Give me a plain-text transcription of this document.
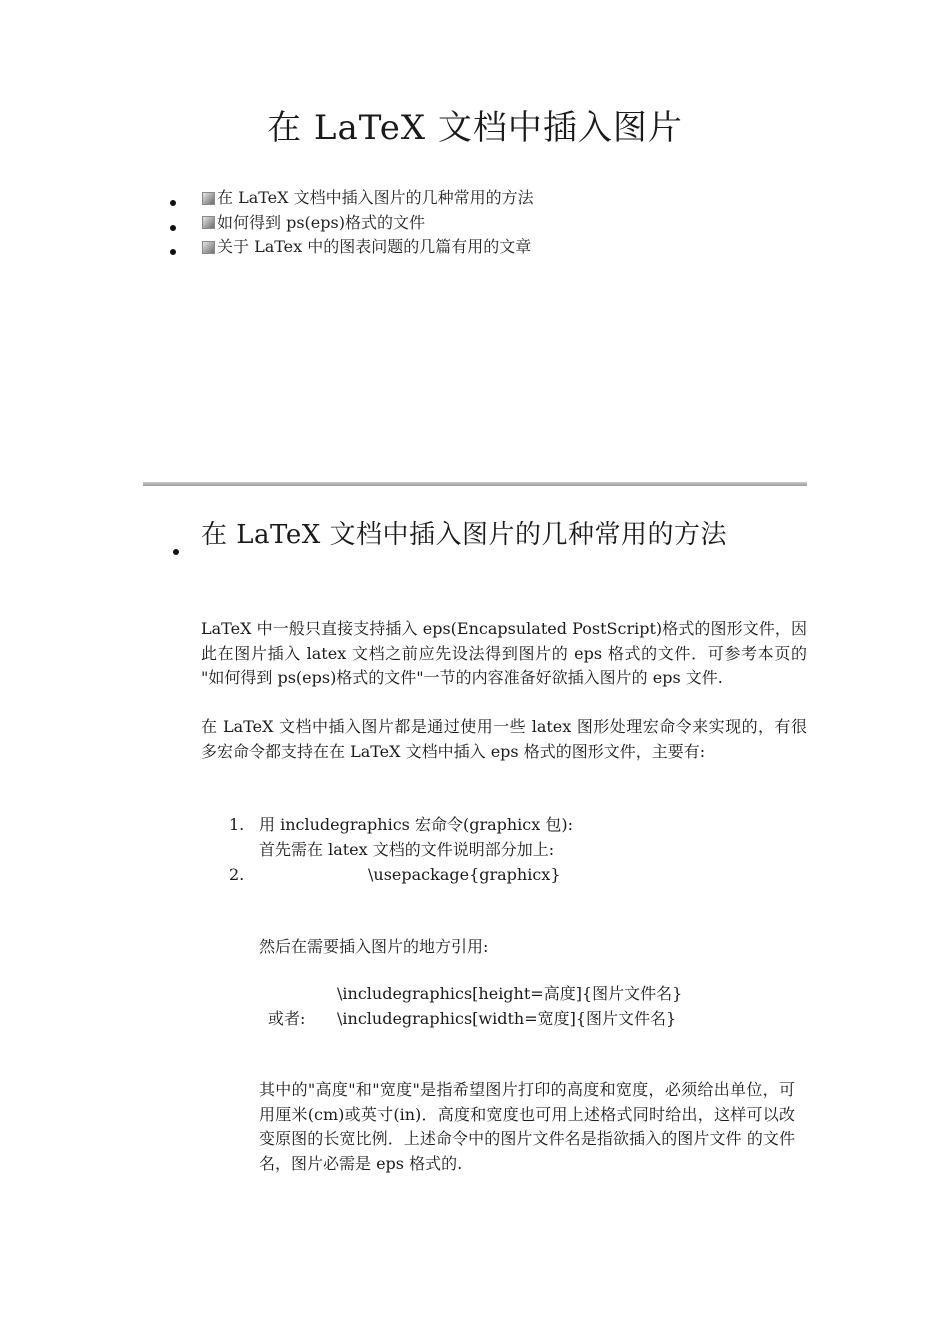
在 LaTeX 文档中插入图片
在 LaTeX 文档中插入图片的几种常用的方法
如何得到 ps(eps)格式的文件
关于 LaTex 中的图表问题的几篇有用的文章
在 LaTeX 文档中插入图片的几种常用的方法

LaTeX 中一般只直接支持插入 eps(Encapsulated PostScript)格式的图形文件，因此在图片插入 latex 文档之前应先设法得到图片的 eps 格式的文件．可参考本页的 "如何得到 ps(eps)格式的文件"一节的内容准备好欲插入图片的 eps 文件.

在 LaTeX 文档中插入图片都是通过使用一些 latex 图形处理宏命令来实现的，有很多宏命令都支持在在 LaTeX 文档中插入 eps 格式的图形文件，主要有:

1.
2.
用 includegraphics 宏命令(graphicx 包):
首先需在 latex 文档的文件说明部分加上:
\usepackage{graphicx}
然后在需要插入图片的地方引用:
\includegraphics[height=高度]{图片文件名}
或者: \includegraphics[width=宽度]{图片文件名}

其中的"高度"和"宽度"是指希望图片打印的高度和宽度，必须给出单位，可用厘米(cm)或英寸(in)．高度和宽度也可用上述格式同时给出，这样可以改变原图的长宽比例．上述命令中的图片文件名是指欲插入的图片文件 的文件名，图片必需是 eps 格式的.
